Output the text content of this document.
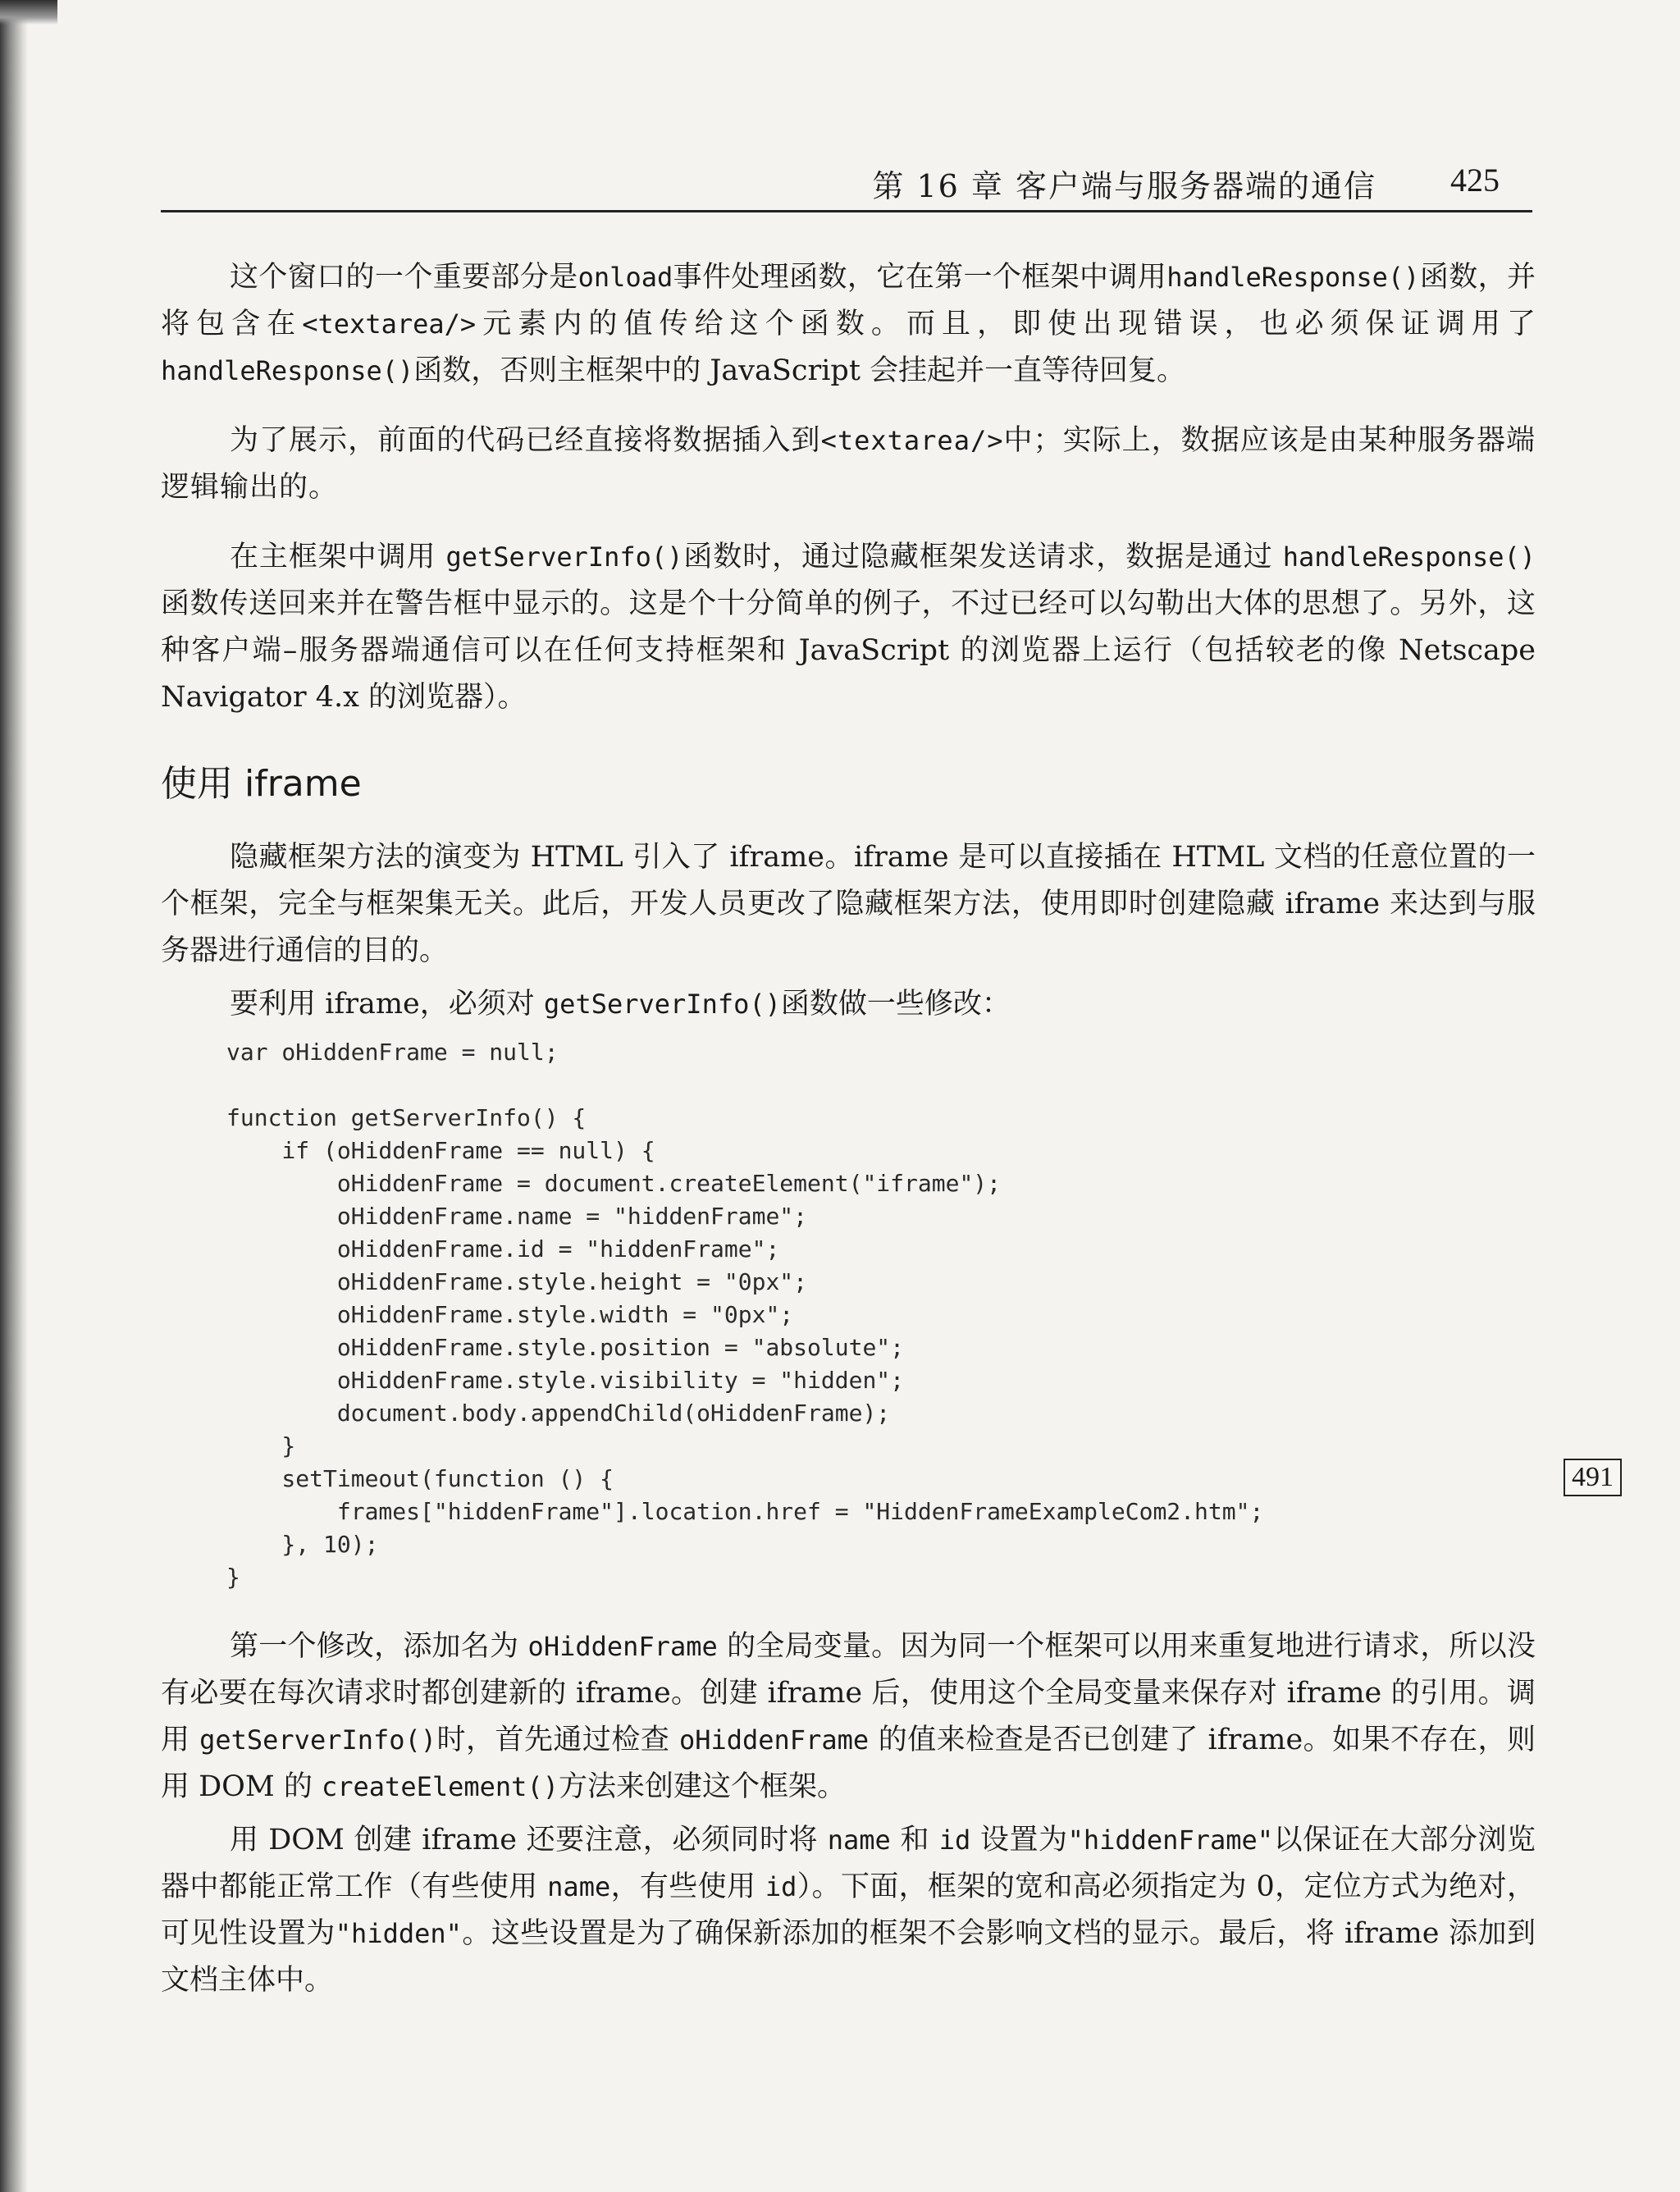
第 16 章 客户端与服务器端的通信 425

这个窗口的一个重要部分是onload事件处理函数，它在第一个框架中调用handleResponse()函数，并将包含在<textarea/>元素内的值传给这个函数。而且，即使出现错误，也必须保证调用了 handleResponse()函数，否则主框架中的 JavaScript 会挂起并一直等待回复。

为了展示，前面的代码已经直接将数据插入到<textarea/>中；实际上，数据应该是由某种服务器端逻辑输出的。

在主框架中调用 getServerInfo()函数时，通过隐藏框架发送请求，数据是通过 handleResponse()函数传送回来并在警告框中显示的。这是个十分简单的例子，不过已经可以勾勒出大体的思想了。另外，这种客户端–服务器端通信可以在任何支持框架和 JavaScript 的浏览器上运行（包括较老的像 Netscape Navigator 4.x 的浏览器）。

使用 iframe

隐藏框架方法的演变为 HTML 引入了 iframe。iframe 是可以直接插在 HTML 文档的任意位置的一个框架，完全与框架集无关。此后，开发人员更改了隐藏框架方法，使用即时创建隐藏 iframe 来达到与服务器进行通信的目的。

要利用 iframe，必须对 getServerInfo()函数做一些修改：

var oHiddenFrame = null;
function getServerInfo() {
if (oHiddenFrame == null) {
oHiddenFrame = document.createElement("iframe");
oHiddenFrame.name = "hiddenFrame";
oHiddenFrame.id = "hiddenFrame";
oHiddenFrame.style.height = "0px";
oHiddenFrame.style.width = "0px";
oHiddenFrame.style.position = "absolute";
oHiddenFrame.style.visibility = "hidden";
document.body.appendChild(oHiddenFrame);
}
setTimeout(function () {
frames["hiddenFrame"].location.href = "HiddenFrameExampleCom2.htm";
}, 10);
}

第一个修改，添加名为 oHiddenFrame 的全局变量。因为同一个框架可以用来重复地进行请求，所以没有必要在每次请求时都创建新的 iframe。创建 iframe 后，使用这个全局变量来保存对 iframe 的引用。调用 getServerInfo()时，首先通过检查 oHiddenFrame 的值来检查是否已创建了 iframe。如果不存在，则用 DOM 的 createElement()方法来创建这个框架。

用 DOM 创建 iframe 还要注意，必须同时将 name 和 id 设置为"hiddenFrame"以保证在大部分浏览器中都能正常工作（有些使用 name，有些使用 id）。下面，框架的宽和高必须指定为 0，定位方式为绝对，可见性设置为"hidden"。这些设置是为了确保新添加的框架不会影响文档的显示。最后，将 iframe 添加到文档主体中。

491
